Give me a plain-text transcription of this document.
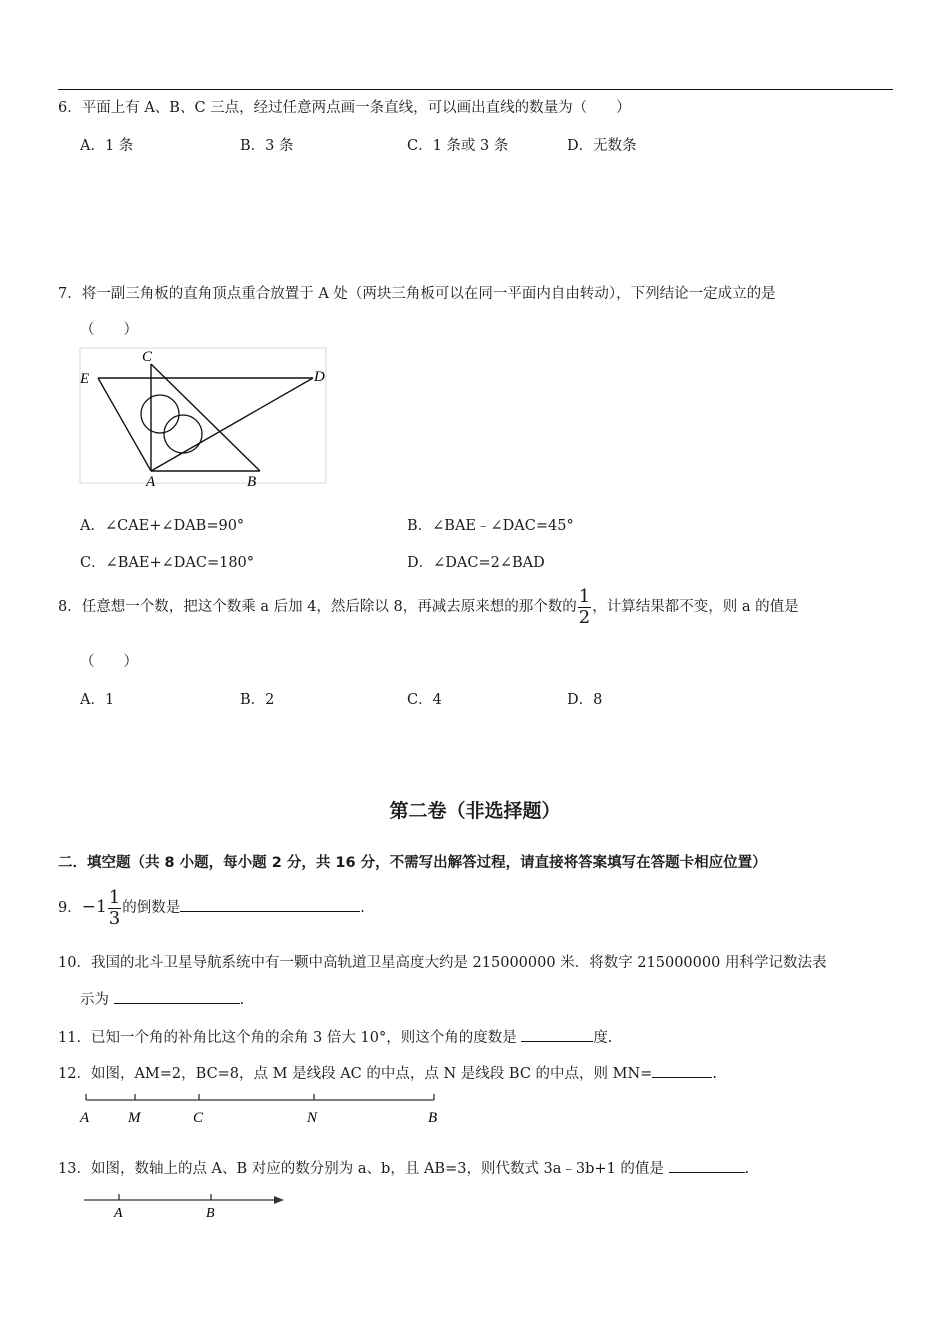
6．平面上有 A、B、C 三点，经过任意两点画一条直线，可以画出直线的数量为（　　）
A．1 条	B．3 条	C．1 条或 3 条	D．无数条
7．将一副三角板的直角顶点重合放置于 A 处（两块三角板可以在同一平面内自由转动），下列结论一定成立的是
（　　）
C
E	D
A	B
A．∠CAE+∠DAB=90°	B．∠BAE﹣∠DAC=45°
C．∠BAE+∠DAC=180°	D．∠DAC=2∠BAD
8．任意想一个数，把这个数乘 a 后加 4，然后除以 8，再减去原来想的那个数的 $\frac{1}{2}$ ，计算结果都不变，则 a 的值是
（　　）
A．1	B．2	C．4	D．8
第二卷（非选择题）
二．填空题（共 8 小题，每小题 2 分，共 16 分，不需写出解答过程，请直接将答案填写在答题卡相应位置）
9．$-1 \frac{1}{3}$ 的倒数是	.
10．我国的北斗卫星导航系统中有一颗中高轨道卫星高度大约是 215000000 米．将数字 215000000 用科学记数法表
示为	.
11．已知一个角的补角比这个角的余角 3 倍大 10°，则这个角的度数是	度.
12．如图，AM=2，BC=8，点 M 是线段 AC 的中点，点 N 是线段 BC 的中点，则 MN=	.
A	M	C	N	B
13．如图，数轴上的点 A、B 对应的数分别为 a、b，且 AB=3，则代数式 3a﹣3b+1 的值是	.
A	B
